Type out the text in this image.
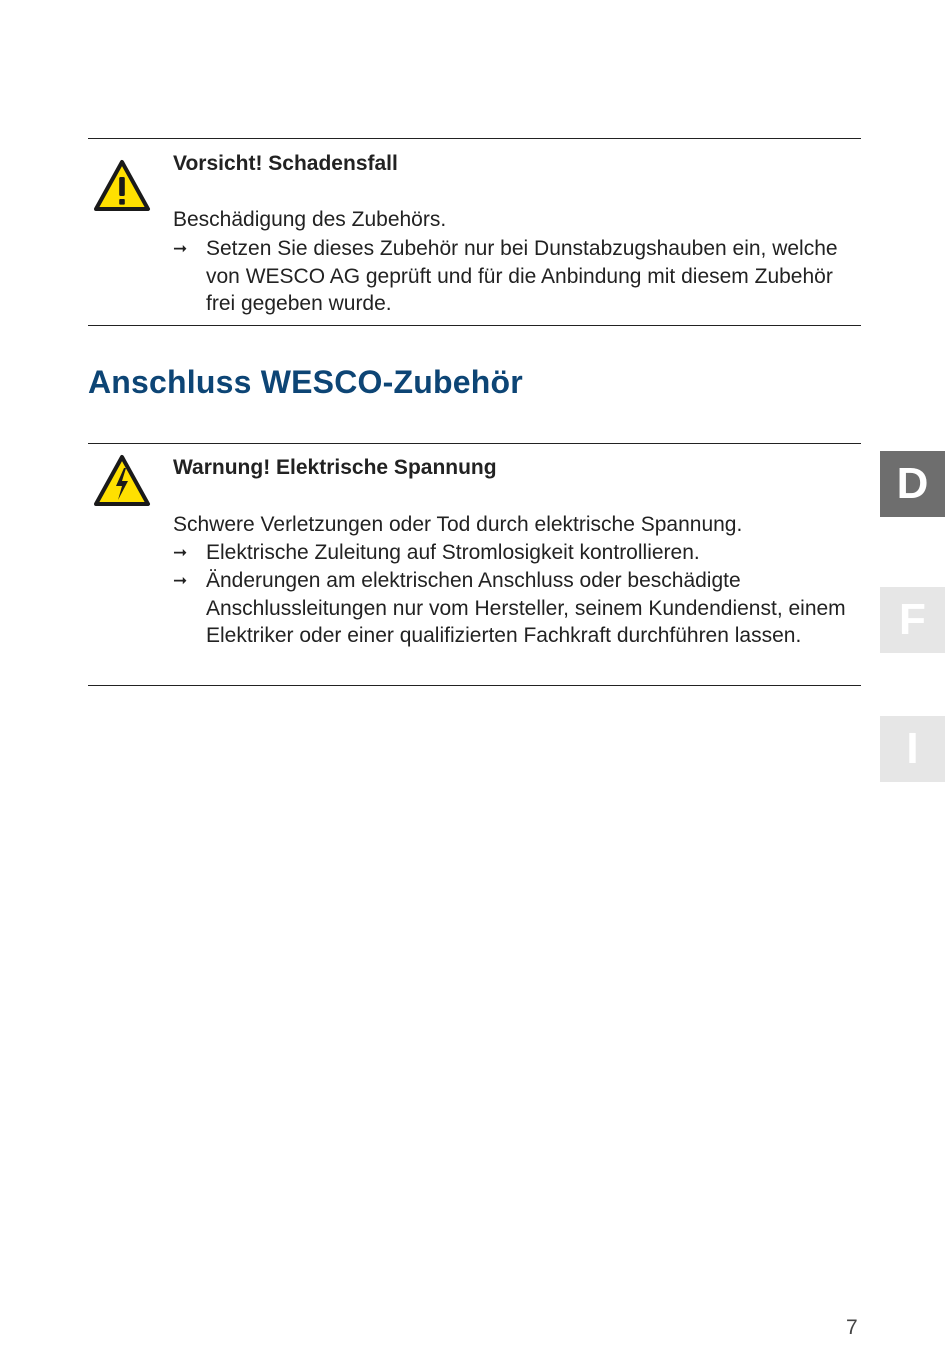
Vorsicht! Schadensfall
Beschädigung des Zubehörs.
➞ Setzen Sie dieses Zubehör nur bei Dunstabzugshauben ein, welche von WESCO AG geprüft und für die Anbindung mit diesem Zubehör frei gegeben wurde.
Anschluss WESCO-Zubehör
Warnung! Elektrische Spannung
Schwere Verletzungen oder Tod durch elektrische Spannung.
➞ Elektrische Zuleitung auf Stromlosigkeit kontrollieren.
➞ Änderungen am elektrischen Anschluss oder beschädigte Anschlussleitungen nur vom Hersteller, seinem Kundendienst, einem Elektriker oder einer qualifizierten Fachkraft durchführen lassen.
D
F
I
7
